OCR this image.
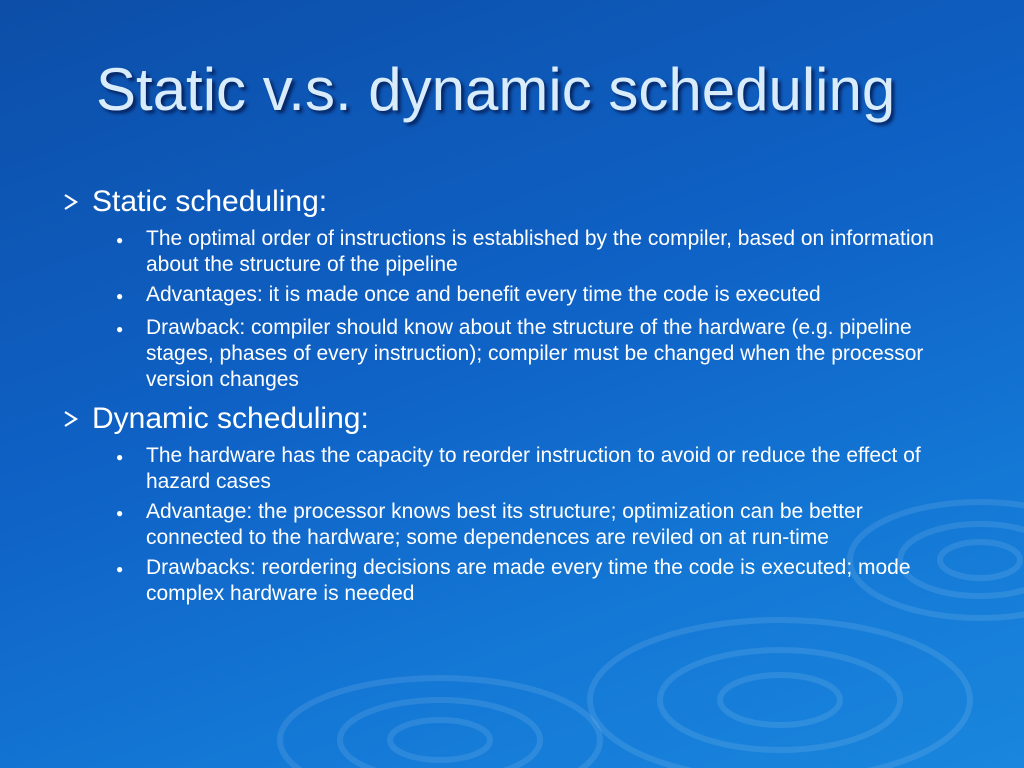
Static v.s. dynamic scheduling
Static scheduling:
●	The optimal order of instructions is established by the compiler, based on information about the structure of the pipeline
●	Advantages: it is made once and benefit every time the code is executed
●	Drawback: compiler should know about the structure of the hardware (e.g. pipeline stages, phases of every instruction); compiler must be changed when the processor version changes
Dynamic scheduling:
●	The hardware has the capacity to reorder instruction to avoid or reduce the effect of hazard cases
●	Advantage: the processor knows best its structure; optimization can be better connected to the hardware; some dependences are reviled on at run-time
●	Drawbacks: reordering decisions are made every time the code is executed; mode complex hardware is needed
